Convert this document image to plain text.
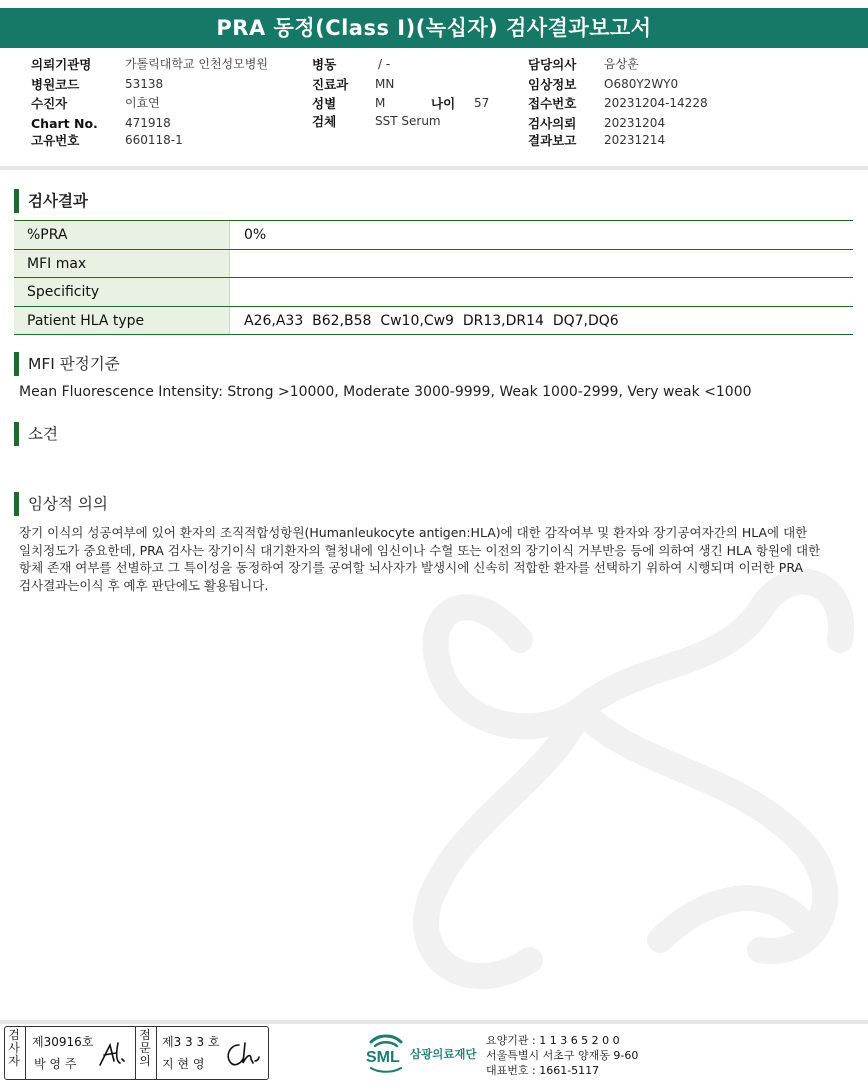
PRA 동정(Class I)(녹십자) 검사결과보고서
의뢰기관명	가톨릭대학교 인천성모병원
병원코드	53138
수진자	이효연
Chart No. 471918
고유번호	660118-1
병동	/ -
진료과 MN
성별	M	나이 57
검체	SST Serum
담당의사 음상훈
임상정보 O680Y2WY0
접수번호 20231204-14228
검사의뢰 20231204
결과보고 20231214
검사결과
%PRA	0%
MFI max
Specificity
Patient HLA type	A26,A33  B62,B58  Cw10,Cw9  DR13,DR14  DQ7,DQ6
MFI 판정기준
Mean Fluorescence Intensity: Strong >10000, Moderate 3000-9999, Weak 1000-2999, Very weak <1000
소견
임상적 의의
장기 이식의 성공여부에 있어 환자의 조직적합성항원(Humanleukocyte antigen:HLA)에 대한 감작여부 및 환자와 장기공여자간의 HLA에 대한 일치정도가 중요한데, PRA 검사는 장기이식 대기환자의 혈청내에 임신이나 수혈 또는 이전의 장기이식 거부반응 등에 의하여 생긴 HLA 항원에 대한 항체 존재 여부를 선별하고 그 특이성을 동정하여 장기를 공여할 뇌사자가 발생시에 신속히 적합한 환자를 선택하기 위하여 시행되며 이러한 PRA 검사결과는이식 후 예후 판단에도 활용됩니다.
검사자
제30916호
박 영 주
점문의
제3 3 3 호
지 현 영	SML 삼광의료재단
요양기관 : 1 1 3 6 5 2 0 0
서울특별시 서초구 양재동 9-60
대표번호 : 1661-5117
